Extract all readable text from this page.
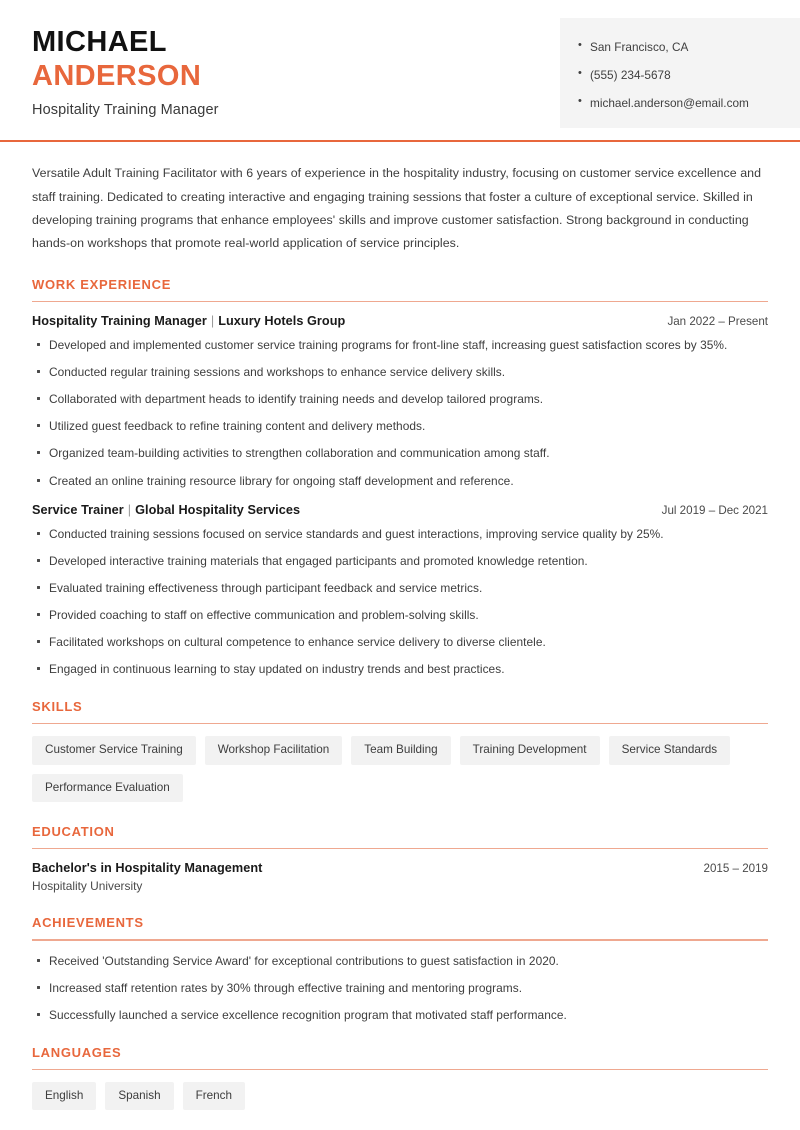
MICHAEL
ANDERSON
Hospitality Training Manager
• San Francisco, CA
• (555) 234-5678
• michael.anderson@email.com
Versatile Adult Training Facilitator with 6 years of experience in the hospitality industry, focusing on customer service excellence and staff training. Dedicated to creating interactive and engaging training sessions that foster a culture of exceptional service. Skilled in developing training programs that enhance employees' skills and improve customer satisfaction. Strong background in conducting hands-on workshops that promote real-world application of service principles.
WORK EXPERIENCE
Hospitality Training Manager | Luxury Hotels Group	Jan 2022 – Present
Developed and implemented customer service training programs for front-line staff, increasing guest satisfaction scores by 35%.
Conducted regular training sessions and workshops to enhance service delivery skills.
Collaborated with department heads to identify training needs and develop tailored programs.
Utilized guest feedback to refine training content and delivery methods.
Organized team-building activities to strengthen collaboration and communication among staff.
Created an online training resource library for ongoing staff development and reference.
Service Trainer | Global Hospitality Services	Jul 2019 – Dec 2021
Conducted training sessions focused on service standards and guest interactions, improving service quality by 25%.
Developed interactive training materials that engaged participants and promoted knowledge retention.
Evaluated training effectiveness through participant feedback and service metrics.
Provided coaching to staff on effective communication and problem-solving skills.
Facilitated workshops on cultural competence to enhance service delivery to diverse clientele.
Engaged in continuous learning to stay updated on industry trends and best practices.
SKILLS
Customer Service Training	Workshop Facilitation	Team Building	Training Development	Service Standards
Performance Evaluation
EDUCATION
Bachelor's in Hospitality Management	2015 – 2019
Hospitality University
ACHIEVEMENTS
Received 'Outstanding Service Award' for exceptional contributions to guest satisfaction in 2020.
Increased staff retention rates by 30% through effective training and mentoring programs.
Successfully launched a service excellence recognition program that motivated staff performance.
LANGUAGES
English	Spanish	French
